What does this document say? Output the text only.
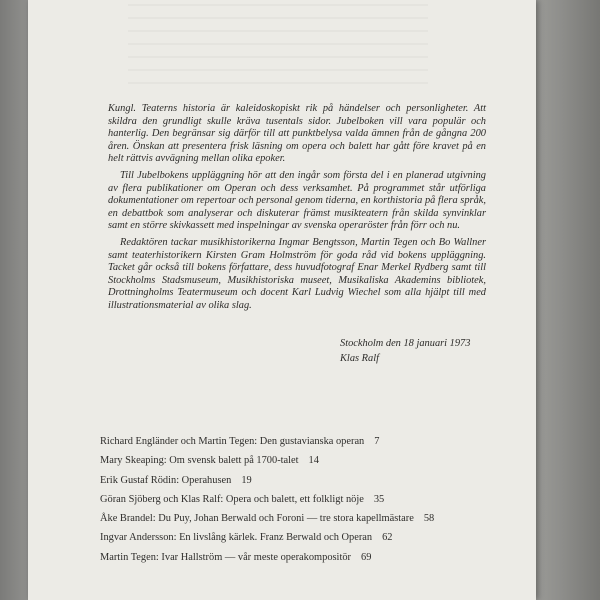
Kungl. Teaterns historia är kaleidoskopiskt rik på händelser och personligheter. Att skildra den grundligt skulle kräva tusentals sidor. Jubelboken vill vara populär och hanterlig. Den begränsar sig därför till att punktbelysa valda ämnen från de gångna 200 åren. Önskan att presentera frisk läsning om opera och balett har gått före kravet på en helt rättvis avvägning mellan olika epoker.

Till Jubelbokens uppläggning hör att den ingår som första del i en planerad utgivning av flera publikationer om Operan och dess verksamhet. På programmet står utförliga dokumentationer om repertoar och personal genom tiderna, en korthistoria på flera språk, en debattbok som analyserar och diskuterar främst musikteatern från skilda synvinklar samt en större skivkassett med inspelningar av svenska operaröster från förr och nu.

Redaktören tackar musikhistorikerna Ingmar Bengtsson, Martin Tegen och Bo Wallner samt teaterhistorikern Kirsten Gram Holmström för goda råd vid bokens uppläggning. Tacket går också till bokens författare, dess huvudfotograf Enar Merkel Rydberg samt till Stockholms Stadsmuseum, Musikhistoriska museet, Musikaliska Akademins bibliotek, Drottningholms Teatermuseum och docent Karl Ludvig Wiechel som alla hjälpt till med illustrationsmaterial av olika slag.

Stockholm den 18 januari 1973
Klas Ralf
Richard Engländer och Martin Tegen: Den gustavianska operan 7
Mary Skeaping: Om svensk balett på 1700-talet 14
Erik Gustaf Rödin: Operahusen 19
Göran Sjöberg och Klas Ralf: Opera och balett, ett folkligt nöje 35
Åke Brandel: Du Puy, Johan Berwald och Foroni — tre stora kapellmästare 58
Ingvar Andersson: En livslång kärlek. Franz Berwald och Operan 62
Martin Tegen: Ivar Hallström — vår meste operakompositör 69
